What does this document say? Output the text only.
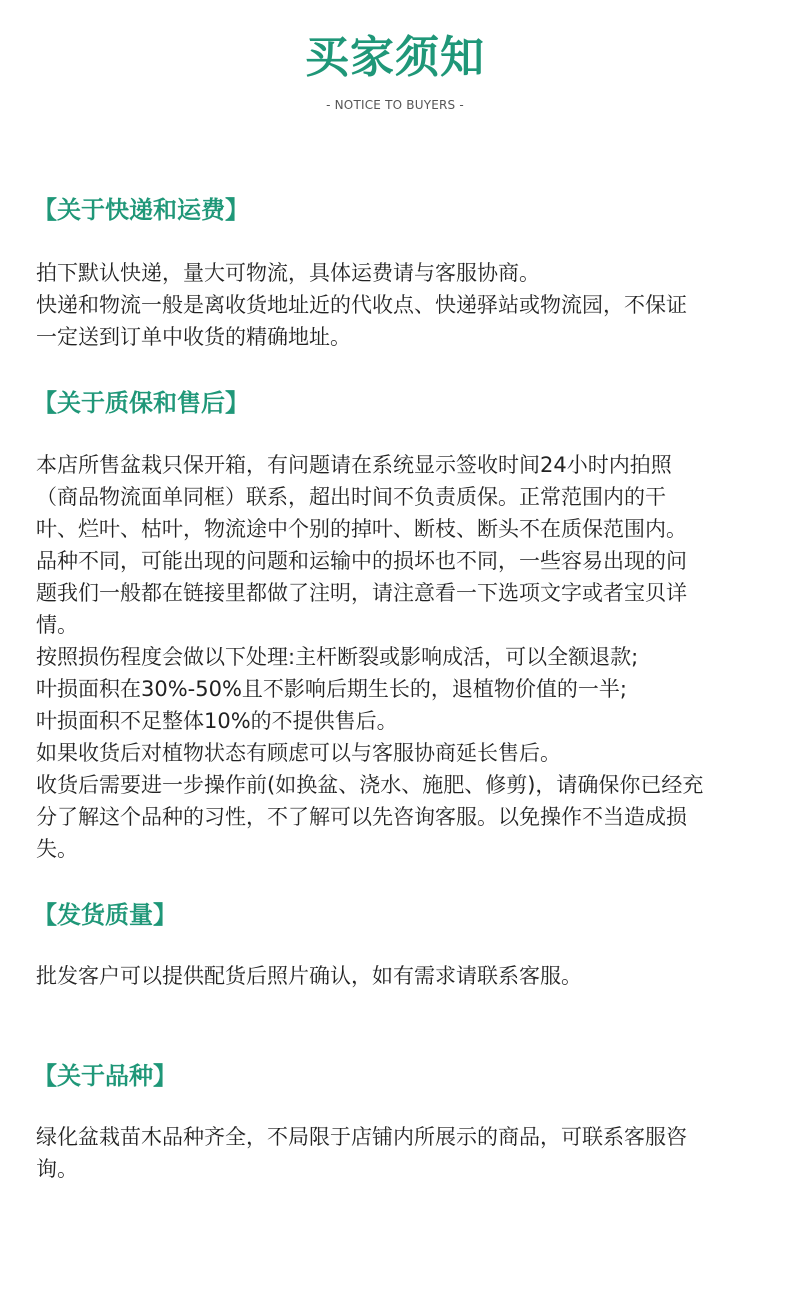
买家须知
- NOTICE TO BUYERS -
【关于快递和运费】
拍下默认快递，量大可物流，具体运费请与客服协商。
快递和物流一般是离收货地址近的代收点、快递驿站或物流园，不保证
一定送到订单中收货的精确地址。
【关于质保和售后】
本店所售盆栽只保开箱，有问题请在系统显示签收时间24小时内拍照
（商品物流面单同框）联系，超出时间不负责质保。正常范围内的干
叶、烂叶、枯叶，物流途中个别的掉叶、断枝、断头不在质保范围内。
品种不同，可能出现的问题和运输中的损坏也不同，一些容易出现的问
题我们一般都在链接里都做了注明，请注意看一下选项文字或者宝贝详
情。
按照损伤程度会做以下处理:主杆断裂或影响成活，可以全额退款;
叶损面积在30%-50%且不影响后期生长的，退植物价值的一半;
叶损面积不足整体10%的不提供售后。
如果收货后对植物状态有顾虑可以与客服协商延长售后。
收货后需要进一步操作前(如换盆、浇水、施肥、修剪)，请确保你已经充
分了解这个品种的习性，不了解可以先咨询客服。以免操作不当造成损
失。
【发货质量】
批发客户可以提供配货后照片确认，如有需求请联系客服。
【关于品种】
绿化盆栽苗木品种齐全，不局限于店铺内所展示的商品，可联系客服咨
询。
